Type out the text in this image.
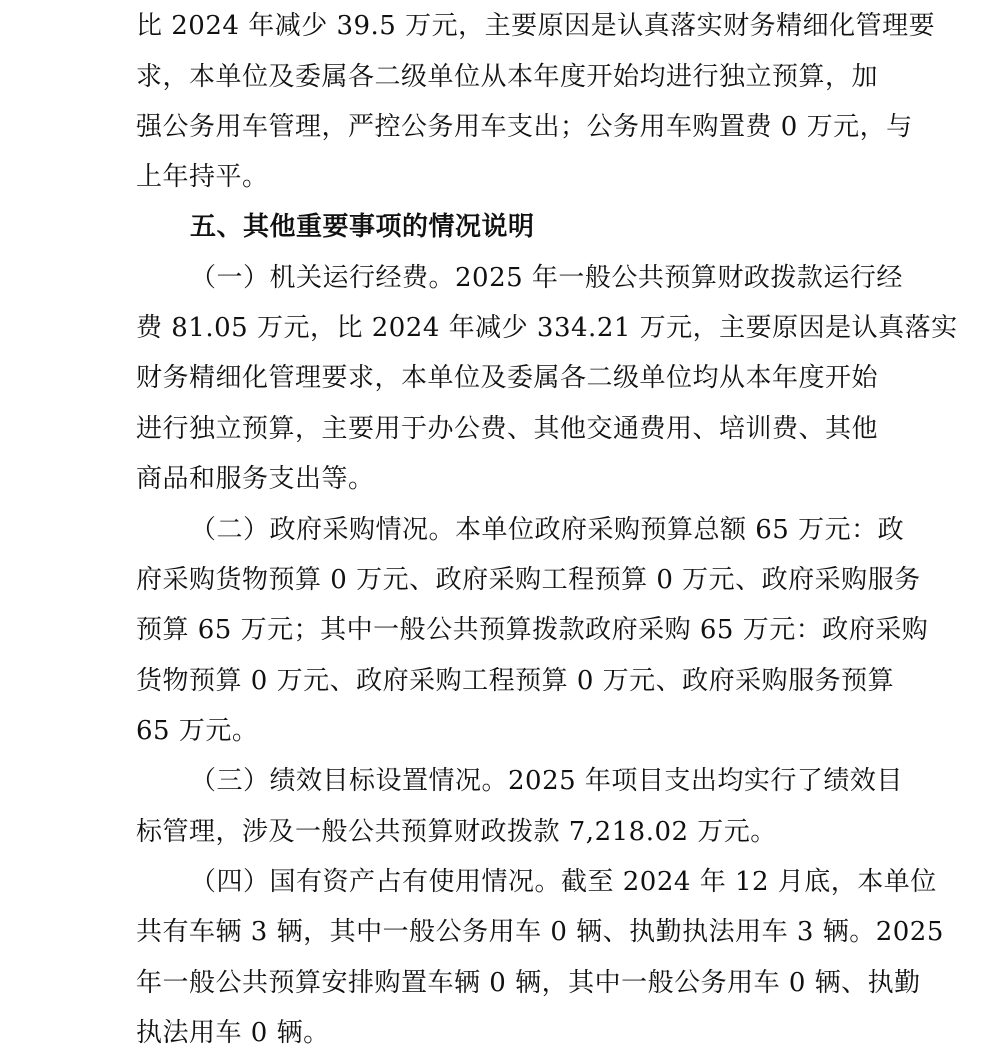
比 2024 年减少 39.5 万元，主要原因是认真落实财务精细化管理要
求，本单位及委属各二级单位从本年度开始均进行独立预算，加
强公务用车管理，严控公务用车支出；公务用车购置费 0 万元，与
上年持平。
五、其他重要事项的情况说明
（一）机关运行经费。2025 年一般公共预算财政拨款运行经
费 81.05 万元，比 2024 年减少 334.21 万元，主要原因是认真落实
财务精细化管理要求，本单位及委属各二级单位均从本年度开始
进行独立预算，主要用于办公费、其他交通费用、培训费、其他
商品和服务支出等。
（二）政府采购情况。本单位政府采购预算总额 65 万元：政
府采购货物预算 0 万元、政府采购工程预算 0 万元、政府采购服务
预算 65 万元；其中一般公共预算拨款政府采购 65 万元：政府采购
货物预算 0 万元、政府采购工程预算 0 万元、政府采购服务预算
65 万元。
（三）绩效目标设置情况。2025 年项目支出均实行了绩效目
标管理，涉及一般公共预算财政拨款 7,218.02 万元。
（四）国有资产占有使用情况。截至 2024 年 12 月底，本单位
共有车辆 3 辆，其中一般公务用车 0 辆、执勤执法用车 3 辆。2025
年一般公共预算安排购置车辆 0 辆，其中一般公务用车 0 辆、执勤
执法用车 0 辆。
